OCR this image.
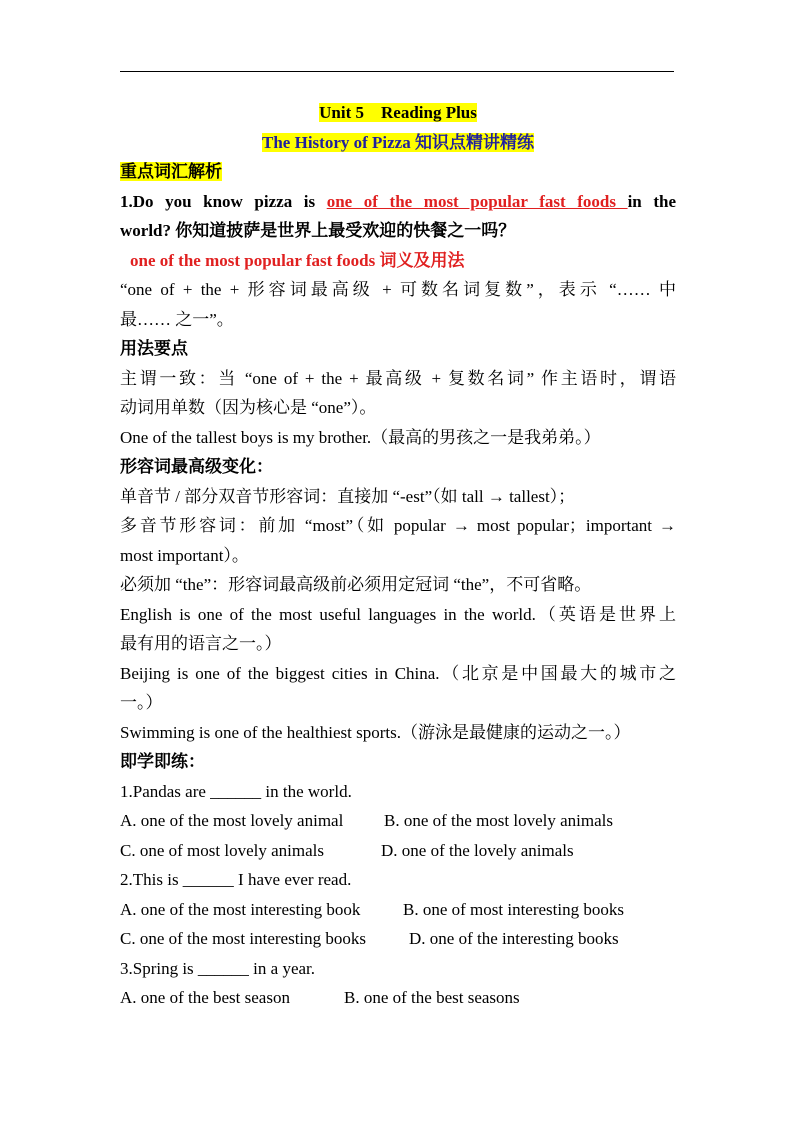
Unit 5　Reading Plus
The History of Pizza 知识点精讲精练
重点词汇解析
1.Do you know pizza is one of the most popular fast foods in the
world? 你知道披萨是世界上最受欢迎的快餐之一吗？
one of the most popular fast foods 词义及用法
“one of + the + 形容词最高级 + 可数名词复数”，表示 “…… 中
最…… 之一”。
用法要点
主谓一致：当 “one of + the + 最高级 + 复数名词” 作主语时，谓语
动词用单数（因为核心是 “one”）。
One of the tallest boys is my brother.（最高的男孩之一是我弟弟。）
形容词最高级变化：
单音节 / 部分双音节形容词：直接加 “-est”（如 tall → tallest）；
多音节形容词：前加 “most”（如 popular → most popular；important →
most important）。
必须加 “the”：形容词最高级前必须用定冠词 “the”，不可省略。
English is one of the most useful languages in the world.（英语是世界上
最有用的语言之一。）
Beijing is one of the biggest cities in China.（北京是中国最大的城市之
一。）
Swimming is one of the healthiest sports.（游泳是最健康的运动之一。）
即学即练：
1.Pandas are ______ in the world.
A. one of the most lovely animal B. one of the most lovely animals
C. one of most lovely animals	D. one of the lovely animals
2.This is ______ I have ever read.
A. one of the most interesting book	B. one of most interesting books
C. one of the most interesting books	D. one of the interesting books
3.Spring is ______ in a year.
A. one of the best season	B. one of the best seasons
